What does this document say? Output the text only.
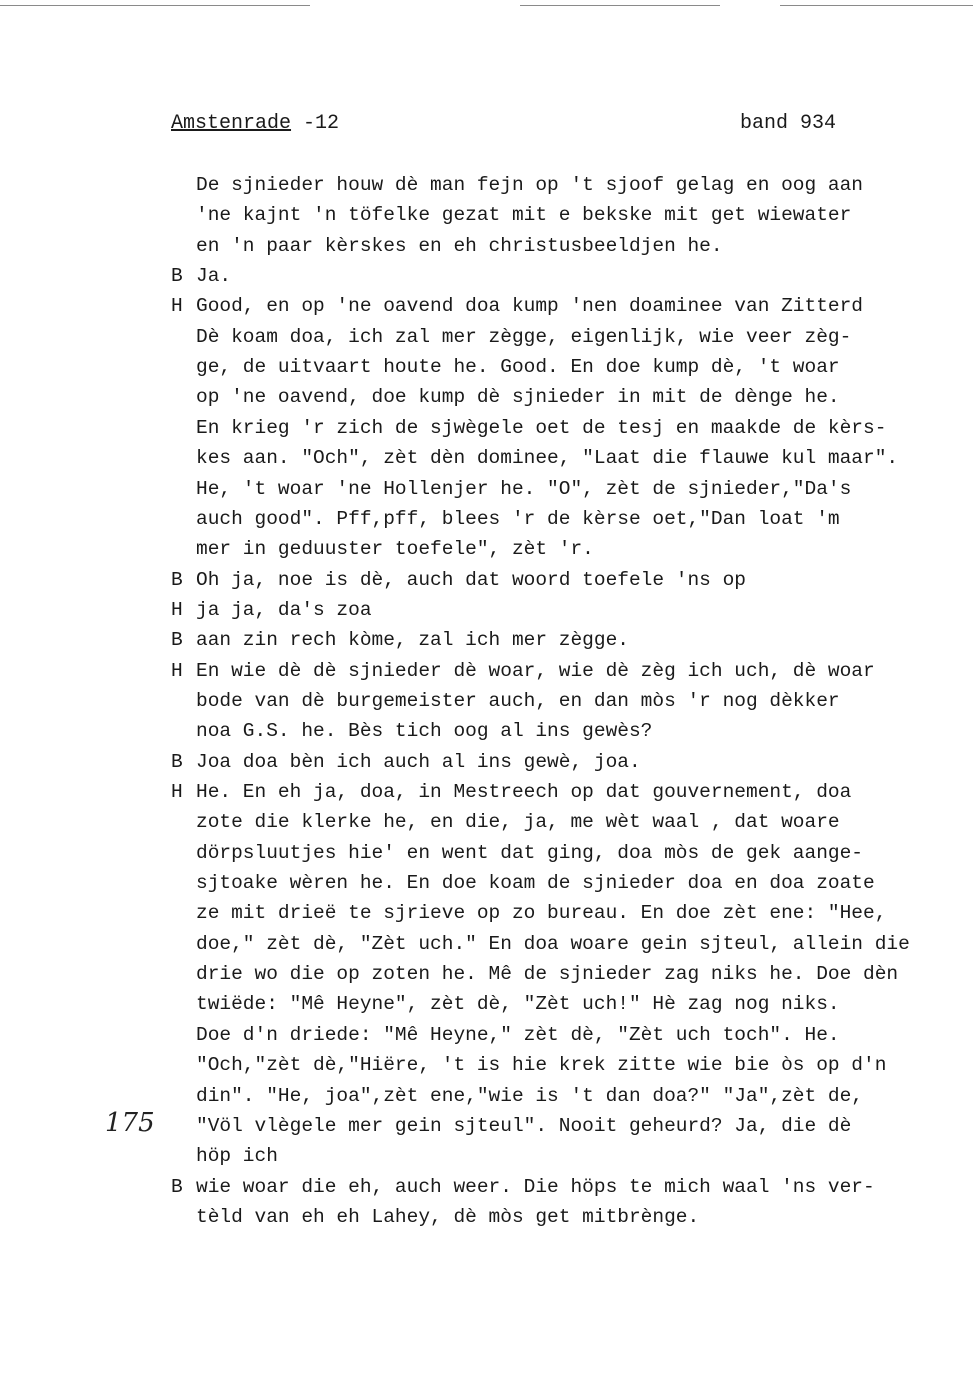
Amstenrade -12	band 934
De sjnieder houw dè man fejn op 't sjoof gelag en oog aan
'ne kajnt 'n töfelke gezat mit e bekske mit get wiewater
en 'n paar kèrskes en eh christusbeeldjen he.
B Ja.
H Good, en op 'ne oavend doa kump 'nen doaminee van Zitterd
Dè koam doa, ich zal mer zègge, eigenlijk, wie veer zèg-
ge, de uitvaart houte he. Good. En doe kump dè, 't woar
op 'ne oavend, doe kump dè sjnieder in mit de dènge he.
En krieg 'r zich de sjwègele oet de tesj en maakde de kèrs-
kes aan. "Och", zèt dèn dominee, "Laat die flauwe kul maar".
He, 't woar 'ne Hollenjer he. "O", zèt de sjnieder,"Da's
auch good". Pff,pff, blees 'r de kèrse oet,"Dan loat 'm
mer in geduuster toefele", zèt 'r.
B Oh ja, noe is dè, auch dat woord toefele 'ns op
H ja ja, da's zoa
B aan zin rech kòme, zal ich mer zègge.
H En wie dè dè sjnieder dè woar, wie dè zèg ich uch, dè woar
bode van dè burgemeister auch, en dan mòs 'r nog dèkker
noa G.S. he. Bès tich oog al ins gewès?
B Joa doa bèn ich auch al ins gewè, joa.
H He. En eh ja, doa, in Mestreech op dat gouvernement, doa
zote die klerke he, en die, ja, me wèt waal , dat woare
dörpsluutjes hie' en went dat ging, doa mòs de gek aange-
sjtoake wèren he. En doe koam de sjnieder doa en doa zoate
ze mit drieë te sjrieve op zo bureau. En doe zèt ene: "Hee,
doe," zèt dè, "Zèt uch." En doa woare gein sjteul, allein die
drie wo die op zoten he. Mê de sjnieder zag niks he. Doe dèn
twiëde: "Mê Heyne", zèt dè, "Zèt uch!" Hè zag nog niks.
Doe d'n driede: "Mê Heyne," zèt dè, "Zèt uch toch". He.
"Och,"zèt dè,"Hiëre, 't is hie krek zitte wie bie òs op d'n
din". "He, joa",zèt ene,"wie is 't dan doa?" "Ja",zèt de,
"Völ vlègele mer gein sjteul". Nooit geheurd? Ja, die dè
höp ich
B wie woar die eh, auch weer. Die höps te mich waal 'ns ver-
tèld van eh eh Lahey, dè mòs get mitbrènge.
175
